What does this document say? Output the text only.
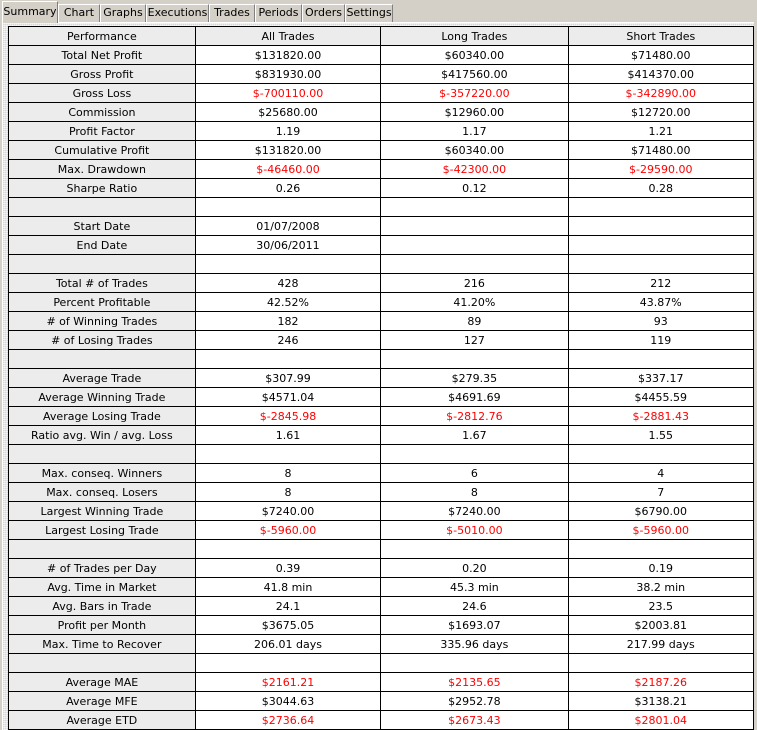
Summary Chart Graphs Executions Trades Periods Orders Settings
Performance	All Trades	Long Trades	Short Trades
Total Net Profit	$131820.00	$60340.00	$71480.00
Gross Profit	$831930.00	$417560.00	$414370.00
Gross Loss	$-700110.00	$-357220.00	$-342890.00
Commission	$25680.00	$12960.00	$12720.00
Profit Factor	1.19	1.17	1.21
Cumulative Profit	$131820.00	$60340.00	$71480.00
Max. Drawdown	$-46460.00	$-42300.00	$-29590.00
Sharpe Ratio	0.26	0.12	0.28

Start Date	01/07/2008		
End Date	30/06/2011		

Total # of Trades	428	216	212
Percent Profitable	42.52%	41.20%	43.87%
# of Winning Trades	182	89	93
# of Losing Trades	246	127	119

Average Trade	$307.99	$279.35	$337.17
Average Winning Trade	$4571.04	$4691.69	$4455.59
Average Losing Trade	$-2845.98	$-2812.76	$-2881.43
Ratio avg. Win / avg. Loss	1.61	1.67	1.55

Max. conseq. Winners	8	6	4
Max. conseq. Losers	8	8	7
Largest Winning Trade	$7240.00	$7240.00	$6790.00
Largest Losing Trade	$-5960.00	$-5010.00	$-5960.00

# of Trades per Day	0.39	0.20	0.19
Avg. Time in Market	41.8 min	45.3 min	38.2 min
Avg. Bars in Trade	24.1	24.6	23.5
Profit per Month	$3675.05	$1693.07	$2003.81
Max. Time to Recover	206.01 days	335.96 days	217.99 days

Average MAE	$2161.21	$2135.65	$2187.26
Average MFE	$3044.63	$2952.78	$3138.21
Average ETD	$2736.64	$2673.43	$2801.04
